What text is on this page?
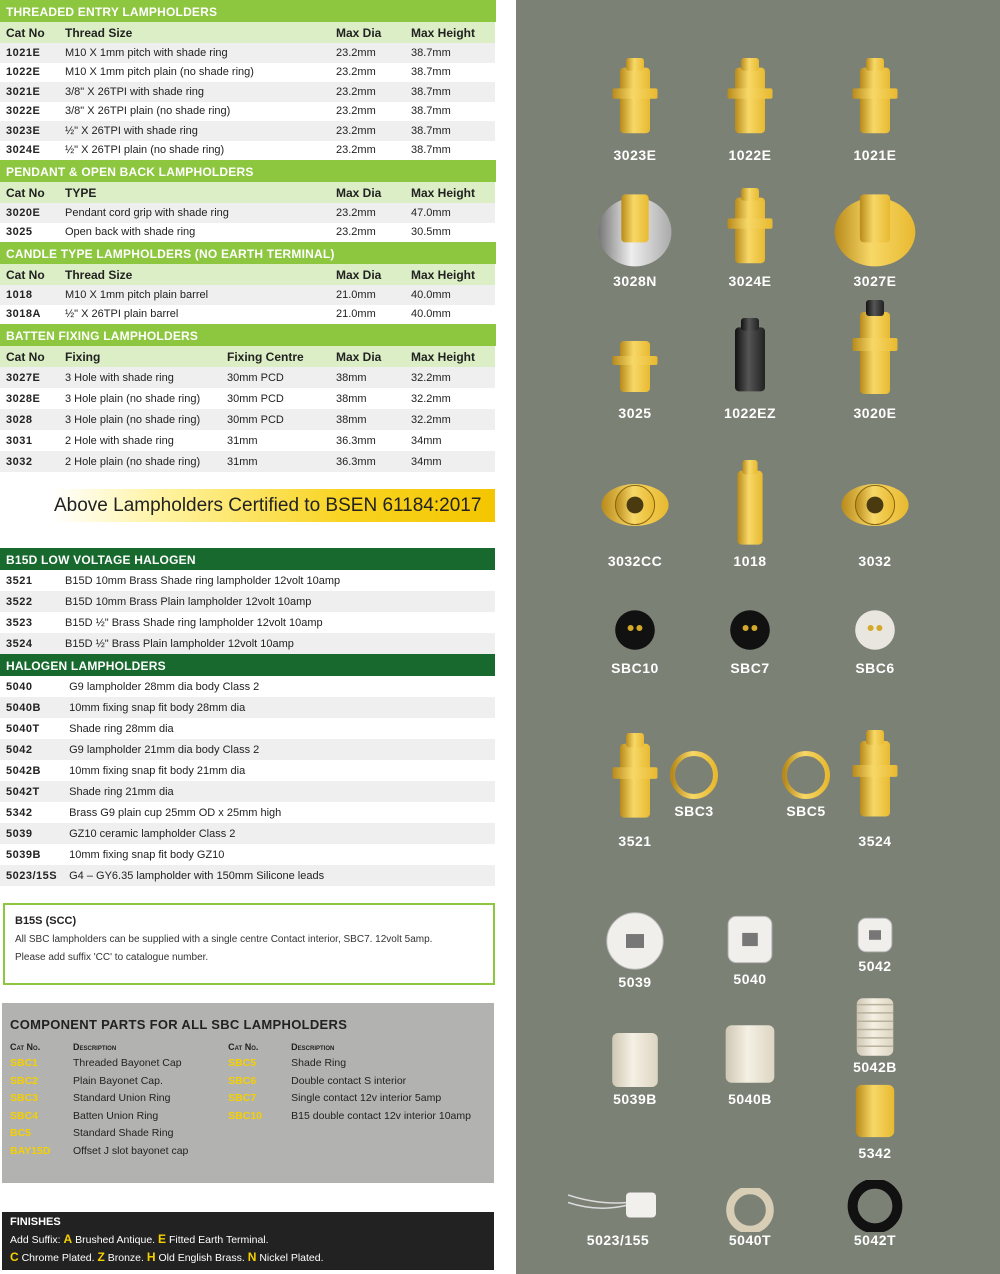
THREADED ENTRY LAMPHOLDERS
Cat No	Thread Size	Max Dia	Max Height
1021E	M10 X 1mm pitch with shade ring	23.2mm	38.7mm
1022E	M10 X 1mm pitch plain (no shade ring)	23.2mm	38.7mm
3021E	3/8" X 26TPI with shade ring	23.2mm	38.7mm
3022E	3/8" X 26TPI plain (no shade ring)	23.2mm	38.7mm
3023E	½" X 26TPI with shade ring	23.2mm	38.7mm
3024E	½" X 26TPI plain (no shade ring)	23.2mm	38.7mm
PENDANT & OPEN BACK LAMPHOLDERS
Cat No	TYPE	Max Dia	Max Height
3020E	Pendant cord grip with shade ring	23.2mm	47.0mm
3025	Open back with shade ring	23.2mm	30.5mm
CANDLE TYPE LAMPHOLDERS (NO EARTH TERMINAL)
Cat No	Thread Size	Max Dia	Max Height
1018	M10 X 1mm pitch plain barrel	21.0mm	40.0mm
3018A	½" X 26TPI plain barrel	21.0mm	40.0mm
BATTEN FIXING LAMPHOLDERS
Cat No	Fixing	Fixing Centre	Max Dia	Max Height
3027E	3 Hole with shade ring	30mm PCD	38mm	32.2mm
3028E	3 Hole plain (no shade ring)	30mm PCD	38mm	32.2mm
3028	3 Hole plain (no shade ring)	30mm PCD	38mm	32.2mm
3031	2 Hole with shade ring	31mm	36.3mm	34mm
3032	2 Hole plain (no shade ring)	31mm	36.3mm	34mm
Above Lampholders Certified to BSEN 61184:2017
B15D LOW VOLTAGE HALOGEN
3521	B15D 10mm Brass Shade ring lampholder 12volt 10amp
3522	B15D 10mm Brass Plain lampholder 12volt 10amp
3523	B15D ½" Brass Shade ring lampholder 12volt 10amp
3524	B15D ½" Brass Plain lampholder 12volt 10amp
HALOGEN LAMPHOLDERS
5040	G9 lampholder 28mm dia body Class 2
5040B	10mm fixing snap fit body 28mm dia
5040T	Shade ring 28mm dia
5042	G9 lampholder 21mm dia body Class 2
5042B	10mm fixing snap fit body 21mm dia
5042T	Shade ring 21mm dia
5342	Brass G9 plain cup 25mm OD x 25mm high
5039	GZ10 ceramic lampholder Class 2
5039B	10mm fixing snap fit body GZ10
5023/15S	G4 – GY6.35 lampholder with 150mm Silicone leads
B15S (SCC)
All SBC lampholders can be supplied with a single centre Contact interior, SBC7. 12volt 5amp.
Please add suffix 'CC' to catalogue number.
COMPONENT PARTS FOR ALL SBC LAMPHOLDERS
Cat No.	Description
SBC1	Threaded Bayonet Cap
SBC2	Plain Bayonet Cap.
SBC3	Standard Union Ring
SBC4	Batten Union Ring
BC5	Standard Shade Ring
BAY15D	Offset J slot bayonet cap
Cat No.	Description
SBC5	Shade Ring
SBC6	Double contact S interior
SBC7	Single contact 12v interior 5amp
SBC10	B15 double contact 12v interior 10amp
FINISHES
Add Suffix: A Brushed Antique. E Fitted Earth Terminal.
C Chrome Plated. Z Bronze. H Old English Brass. N Nickel Plated.
3023E	1022E	1021E
3028N	3024E	3027E
3025	1022EZ	3020E
3032CC	1018	3032
SBC10	SBC7	SBC6
SBC3	SBC5
3521	3524
5039	5040
5042
5039B	5040B
5042B
5342
5023/155	5040T	5042T
